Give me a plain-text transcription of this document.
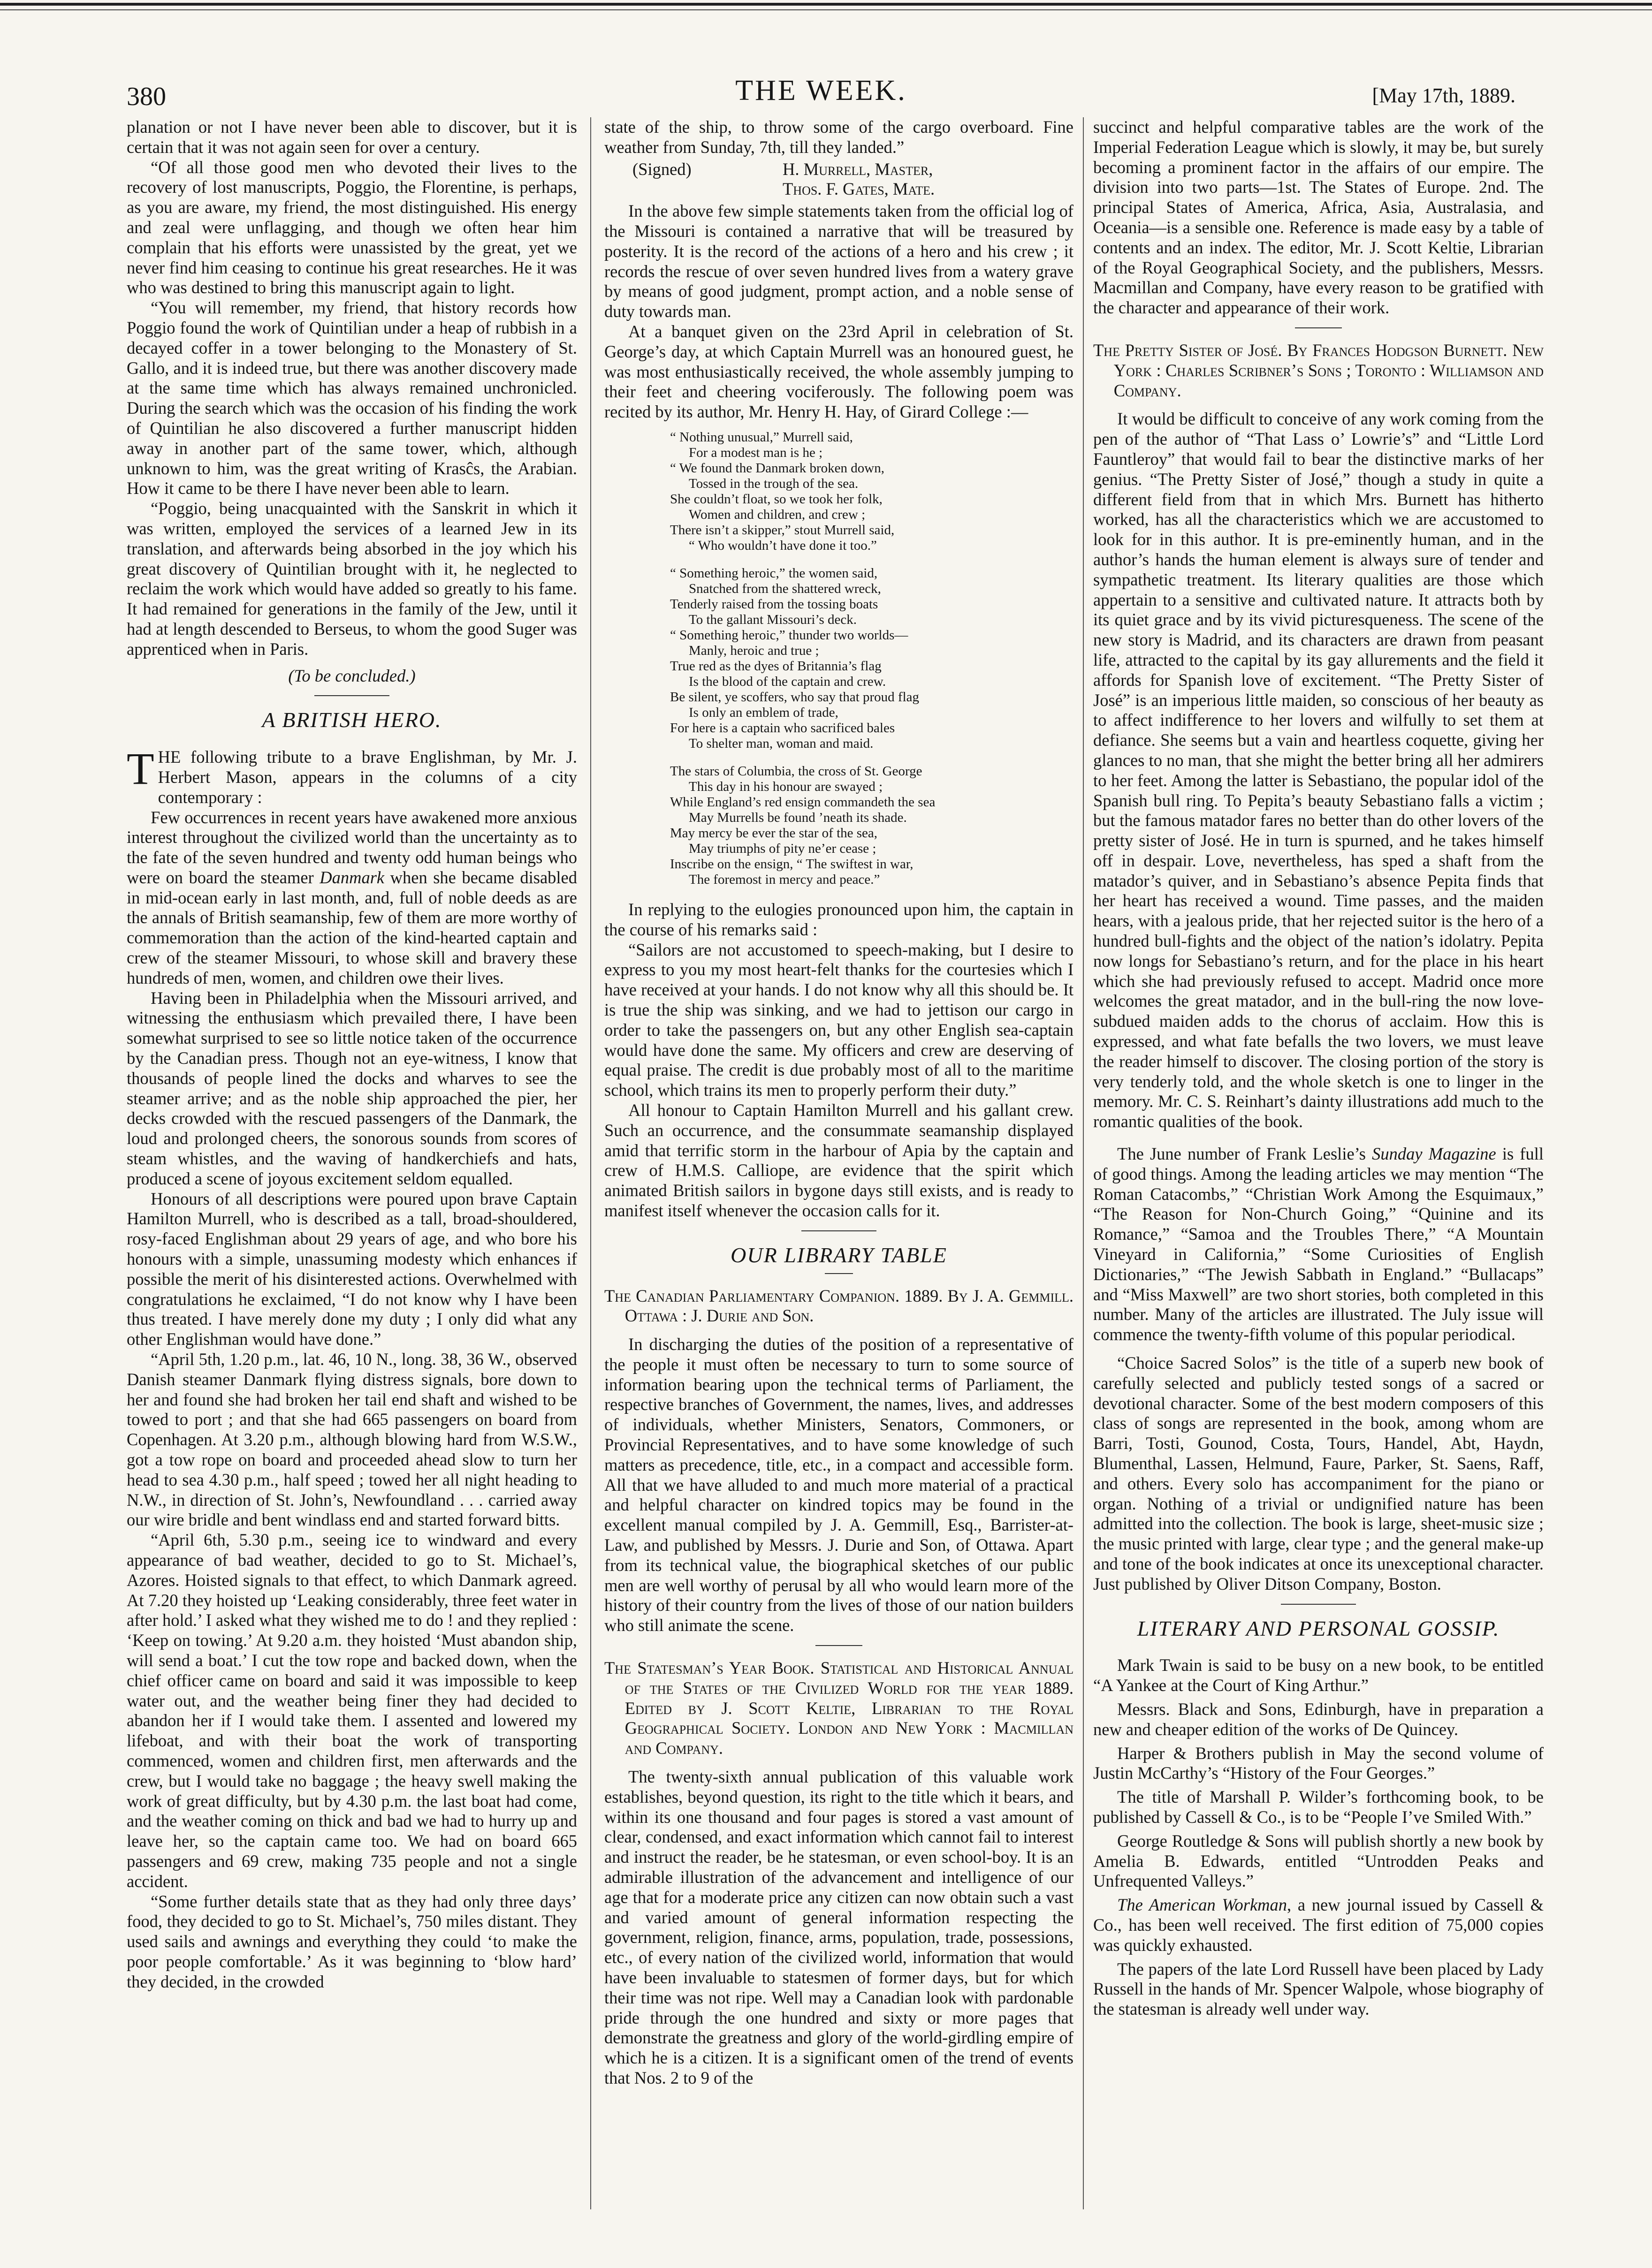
380	THE WEEK.	[May 17th, 1889.

planation or not I have never been able to discover, but it is certain that it was not again seen for over a century.

“Of all those good men who devoted their lives to the recovery of lost manuscripts, Poggio, the Florentine, is perhaps, as you are aware, my friend, the most distinguished. His energy and zeal were unflagging, and though we often hear him complain that his efforts were unassisted by the great, yet we never find him ceasing to continue his great researches. He it was who was destined to bring this manuscript again to light.

“You will remember, my friend, that history records how Poggio found the work of Quintilian under a heap of rubbish in a decayed coffer in a tower belonging to the Monastery of St. Gallo, and it is indeed true, but there was another discovery made at the same time which has always remained unchronicled. During the search which was the occasion of his finding the work of Quintilian he also discovered a further manuscript hidden away in another part of the same tower, which, although unknown to him, was the great writing of Krasĉs, the Arabian. How it came to be there I have never been able to learn.

“Poggio, being unacquainted with the Sanskrit in which it was written, employed the services of a learned Jew in its translation, and afterwards being absorbed in the joy which his great discovery of Quintilian brought with it, he neglected to reclaim the work which would have added so greatly to his fame. It had remained for generations in the family of the Jew, until it had at length descended to Berseus, to whom the good Suger was apprenticed when in Paris.

(To be concluded.)
A BRITISH HERO.

THE following tribute to a brave Englishman, by Mr. J. Herbert Mason, appears in the columns of a city contemporary :

Few occurrences in recent years have awakened more anxious interest throughout the civilized world than the uncertainty as to the fate of the seven hundred and twenty odd human beings who were on board the steamer Danmark when she became disabled in mid-ocean early in last month, and, full of noble deeds as are the annals of British seamanship, few of them are more worthy of commemoration than the action of the kind-hearted captain and crew of the steamer Missouri, to whose skill and bravery these hundreds of men, women, and children owe their lives.

Having been in Philadelphia when the Missouri arrived, and witnessing the enthusiasm which prevailed there, I have been somewhat surprised to see so little notice taken of the occurrence by the Canadian press. Though not an eye-witness, I know that thousands of people lined the docks and wharves to see the steamer arrive; and as the noble ship approached the pier, her decks crowded with the rescued passengers of the Danmark, the loud and prolonged cheers, the sonorous sounds from scores of steam whistles, and the waving of handkerchiefs and hats, produced a scene of joyous excitement seldom equalled.

Honours of all descriptions were poured upon brave Captain Hamilton Murrell, who is described as a tall, broad-shouldered, rosy-faced Englishman about 29 years of age, and who bore his honours with a simple, unassuming modesty which enhances if possible the merit of his disinterested actions. Overwhelmed with congratulations he exclaimed, “I do not know why I have been thus treated. I have merely done my duty ; I only did what any other Englishman would have done.”

“April 5th, 1.20 p.m., lat. 46, 10 N., long. 38, 36 W., observed Danish steamer Danmark flying distress signals, bore down to her and found she had broken her tail end shaft and wished to be towed to port ; and that she had 665 passengers on board from Copenhagen. At 3.20 p.m., although blowing hard from W.S.W., got a tow rope on board and proceeded ahead slow to turn her head to sea 4.30 p.m., half speed ; towed her all night heading to N.W., in direction of St. John’s, Newfoundland . . . carried away our wire bridle and bent windlass end and started forward bitts.

“April 6th, 5.30 p.m., seeing ice to windward and every appearance of bad weather, decided to go to St. Michael’s, Azores. Hoisted signals to that effect, to which Danmark agreed. At 7.20 they hoisted up ‘Leaking considerably, three feet water in after hold.’ I asked what they wished me to do ! and they replied : ‘Keep on towing.’ At 9.20 a.m. they hoisted ‘Must abandon ship, will send a boat.’ I cut the tow rope and backed down, when the chief officer came on board and said it was impossible to keep water out, and the weather being finer they had decided to abandon her if I would take them. I assented and lowered my lifeboat, and with their boat the work of transporting commenced, women and children first, men afterwards and the crew, but I would take no baggage ; the heavy swell making the work of great difficulty, but by 4.30 p.m. the last boat had come, and the weather coming on thick and bad we had to hurry up and leave her, so the captain came too. We had on board 665 passengers and 69 crew, making 735 people and not a single accident.

“Some further details state that as they had only three days’ food, they decided to go to St. Michael’s, 750 miles distant. They used sails and awnings and everything they could ‘to make the poor people comfortable.’ As it was beginning to ‘blow hard’ they decided, in the crowded

state of the ship, to throw some of the cargo overboard. Fine weather from Sunday, 7th, till they landed.”

(Signed)	H. Murrell, Master,
Thos. F. Gates, Mate.

In the above few simple statements taken from the official log of the Missouri is contained a narrative that will be treasured by posterity. It is the record of the actions of a hero and his crew ; it records the rescue of over seven hundred lives from a watery grave by means of good judgment, prompt action, and a noble sense of duty towards man.

At a banquet given on the 23rd April in celebration of St. George’s day, at which Captain Murrell was an honoured guest, he was most enthusiastically received, the whole assembly jumping to their feet and cheering vociferously. The following poem was recited by its author, Mr. Henry H. Hay, of Girard College :—

“ Nothing unusual,” Murrell said,
For a modest man is he ;
“ We found the Danmark broken down,
Tossed in the trough of the sea.
She couldn’t float, so we took her folk,
Women and children, and crew ;
There isn’t a skipper,” stout Murrell said,
“ Who wouldn’t have done it too.”
“ Something heroic,” the women said,
Snatched from the shattered wreck,
Tenderly raised from the tossing boats
To the gallant Missouri’s deck.
“ Something heroic,” thunder two worlds—
Manly, heroic and true ;
True red as the dyes of Britannia’s flag
Is the blood of the captain and crew.
Be silent, ye scoffers, who say that proud flag
Is only an emblem of trade,
For here is a captain who sacrificed bales
To shelter man, woman and maid.
The stars of Columbia, the cross of St. George
This day in his honour are swayed ;
While England’s red ensign commandeth the sea
May Murrells be found ’neath its shade.
May mercy be ever the star of the sea,
May triumphs of pity ne’er cease ;
Inscribe on the ensign, “ The swiftest in war,
The foremost in mercy and peace.”

In replying to the eulogies pronounced upon him, the captain in the course of his remarks said :

“Sailors are not accustomed to speech-making, but I desire to express to you my most heart-felt thanks for the courtesies which I have received at your hands. I do not know why all this should be. It is true the ship was sinking, and we had to jettison our cargo in order to take the passengers on, but any other English sea-captain would have done the same. My officers and crew are deserving of equal praise. The credit is due probably most of all to the maritime school, which trains its men to properly perform their duty.”

All honour to Captain Hamilton Murrell and his gallant crew. Such an occurrence, and the consummate seamanship displayed amid that terrific storm in the harbour of Apia by the captain and crew of H.M.S. Calliope, are evidence that the spirit which animated British sailors in bygone days still exists, and is ready to manifest itself whenever the occasion calls for it.

OUR LIBRARY TABLE

The Canadian Parliamentary Companion. 1889. By J. A. Gemmill. Ottawa : J. Durie and Son.

In discharging the duties of the position of a representative of the people it must often be necessary to turn to some source of information bearing upon the technical terms of Parliament, the respective branches of Government, the names, lives, and addresses of individuals, whether Ministers, Senators, Commoners, or Provincial Representatives, and to have some knowledge of such matters as precedence, title, etc., in a compact and accessible form. All that we have alluded to and much more material of a practical and helpful character on kindred topics may be found in the excellent manual compiled by J. A. Gemmill, Esq., Barrister-at-Law, and published by Messrs. J. Durie and Son, of Ottawa. Apart from its technical value, the biographical sketches of our public men are well worthy of perusal by all who would learn more of the history of their country from the lives of those of our nation builders who still animate the scene.

The Statesman’s Year Book. Statistical and Historical Annual of the States of the Civilized World for the year 1889. Edited by J. Scott Keltie, Librarian to the Royal Geographical Society. London and New York : Macmillan and Company.

The twenty-sixth annual publication of this valuable work establishes, beyond question, its right to the title which it bears, and within its one thousand and four pages is stored a vast amount of clear, condensed, and exact information which cannot fail to interest and instruct the reader, be he statesman, or even school-boy. It is an admirable illustration of the advancement and intelligence of our age that for a moderate price any citizen can now obtain such a vast and varied amount of general information respecting the government, religion, finance, arms, population, trade, possessions, etc., of every nation of the civilized world, information that would have been invaluable to statesmen of former days, but for which their time was not ripe. Well may a Canadian look with pardonable pride through the one hundred and sixty or more pages that demonstrate the greatness and glory of the world-girdling empire of which he is a citizen. It is a significant omen of the trend of events that Nos. 2 to 9 of the

succinct and helpful comparative tables are the work of the Imperial Federation League which is slowly, it may be, but surely becoming a prominent factor in the affairs of our empire. The division into two parts—1st. The States of Europe. 2nd. The principal States of America, Africa, Asia, Australasia, and Oceania—is a sensible one. Reference is made easy by a table of contents and an index. The editor, Mr. J. Scott Keltie, Librarian of the Royal Geographical Society, and the publishers, Messrs. Macmillan and Company, have every reason to be gratified with the character and appearance of their work.

The Pretty Sister of José. By Frances Hodgson Burnett. New York : Charles Scribner’s Sons ; Toronto : Williamson and Company.

It would be difficult to conceive of any work coming from the pen of the author of “That Lass o’ Lowrie’s” and “Little Lord Fauntleroy” that would fail to bear the distinctive marks of her genius. “The Pretty Sister of José,” though a study in quite a different field from that in which Mrs. Burnett has hitherto worked, has all the characteristics which we are accustomed to look for in this author. It is pre-eminently human, and in the author’s hands the human element is always sure of tender and sympathetic treatment. Its literary qualities are those which appertain to a sensitive and cultivated nature. It attracts both by its quiet grace and by its vivid picturesqueness. The scene of the new story is Madrid, and its characters are drawn from peasant life, attracted to the capital by its gay allurements and the field it affords for Spanish love of excitement. “The Pretty Sister of José” is an imperious little maiden, so conscious of her beauty as to affect indifference to her lovers and wilfully to set them at defiance. She seems but a vain and heartless coquette, giving her glances to no man, that she might the better bring all her admirers to her feet. Among the latter is Sebastiano, the popular idol of the Spanish bull ring. To Pepita’s beauty Sebastiano falls a victim ; but the famous matador fares no better than do other lovers of the pretty sister of José. He in turn is spurned, and he takes himself off in despair. Love, nevertheless, has sped a shaft from the matador’s quiver, and in Sebastiano’s absence Pepita finds that her heart has received a wound. Time passes, and the maiden hears, with a jealous pride, that her rejected suitor is the hero of a hundred bull-fights and the object of the nation’s idolatry. Pepita now longs for Sebastiano’s return, and for the place in his heart which she had previously refused to accept. Madrid once more welcomes the great matador, and in the bull-ring the now love-subdued maiden adds to the chorus of acclaim. How this is expressed, and what fate befalls the two lovers, we must leave the reader himself to discover. The closing portion of the story is very tenderly told, and the whole sketch is one to linger in the memory. Mr. C. S. Reinhart’s dainty illustrations add much to the romantic qualities of the book.

The June number of Frank Leslie’s Sunday Magazine is full of good things. Among the leading articles we may mention “The Roman Catacombs,” “Christian Work Among the Esquimaux,” “The Reason for Non-Church Going,” “Quinine and its Romance,” “Samoa and the Troubles There,” “A Mountain Vineyard in California,” “Some Curiosities of English Dictionaries,” “The Jewish Sabbath in England.” “Bullacaps” and “Miss Maxwell” are two short stories, both completed in this number. Many of the articles are illustrated. The July issue will commence the twenty-fifth volume of this popular periodical.

“Choice Sacred Solos” is the title of a superb new book of carefully selected and publicly tested songs of a sacred or devotional character. Some of the best modern composers of this class of songs are represented in the book, among whom are Barri, Tosti, Gounod, Costa, Tours, Handel, Abt, Haydn, Blumenthal, Lassen, Helmund, Faure, Parker, St. Saens, Raff, and others. Every solo has accompaniment for the piano or organ. Nothing of a trivial or undignified nature has been admitted into the collection. The book is large, sheet-music size ; the music printed with large, clear type ; and the general make-up and tone of the book indicates at once its unexceptional character. Just published by Oliver Ditson Company, Boston.

LITERARY AND PERSONAL GOSSIP.

Mark Twain is said to be busy on a new book, to be entitled “A Yankee at the Court of King Arthur.”

Messrs. Black and Sons, Edinburgh, have in preparation a new and cheaper edition of the works of De Quincey.

Harper & Brothers publish in May the second volume of Justin McCarthy’s “History of the Four Georges.”

The title of Marshall P. Wilder’s forthcoming book, to be published by Cassell & Co., is to be “People I’ve Smiled With.”

George Routledge & Sons will publish shortly a new book by Amelia B. Edwards, entitled “Untrodden Peaks and Unfrequented Valleys.”

The American Workman, a new journal issued by Cassell & Co., has been well received. The first edition of 75,000 copies was quickly exhausted.

The papers of the late Lord Russell have been placed by Lady Russell in the hands of Mr. Spencer Walpole, whose biography of the statesman is already well under way.
